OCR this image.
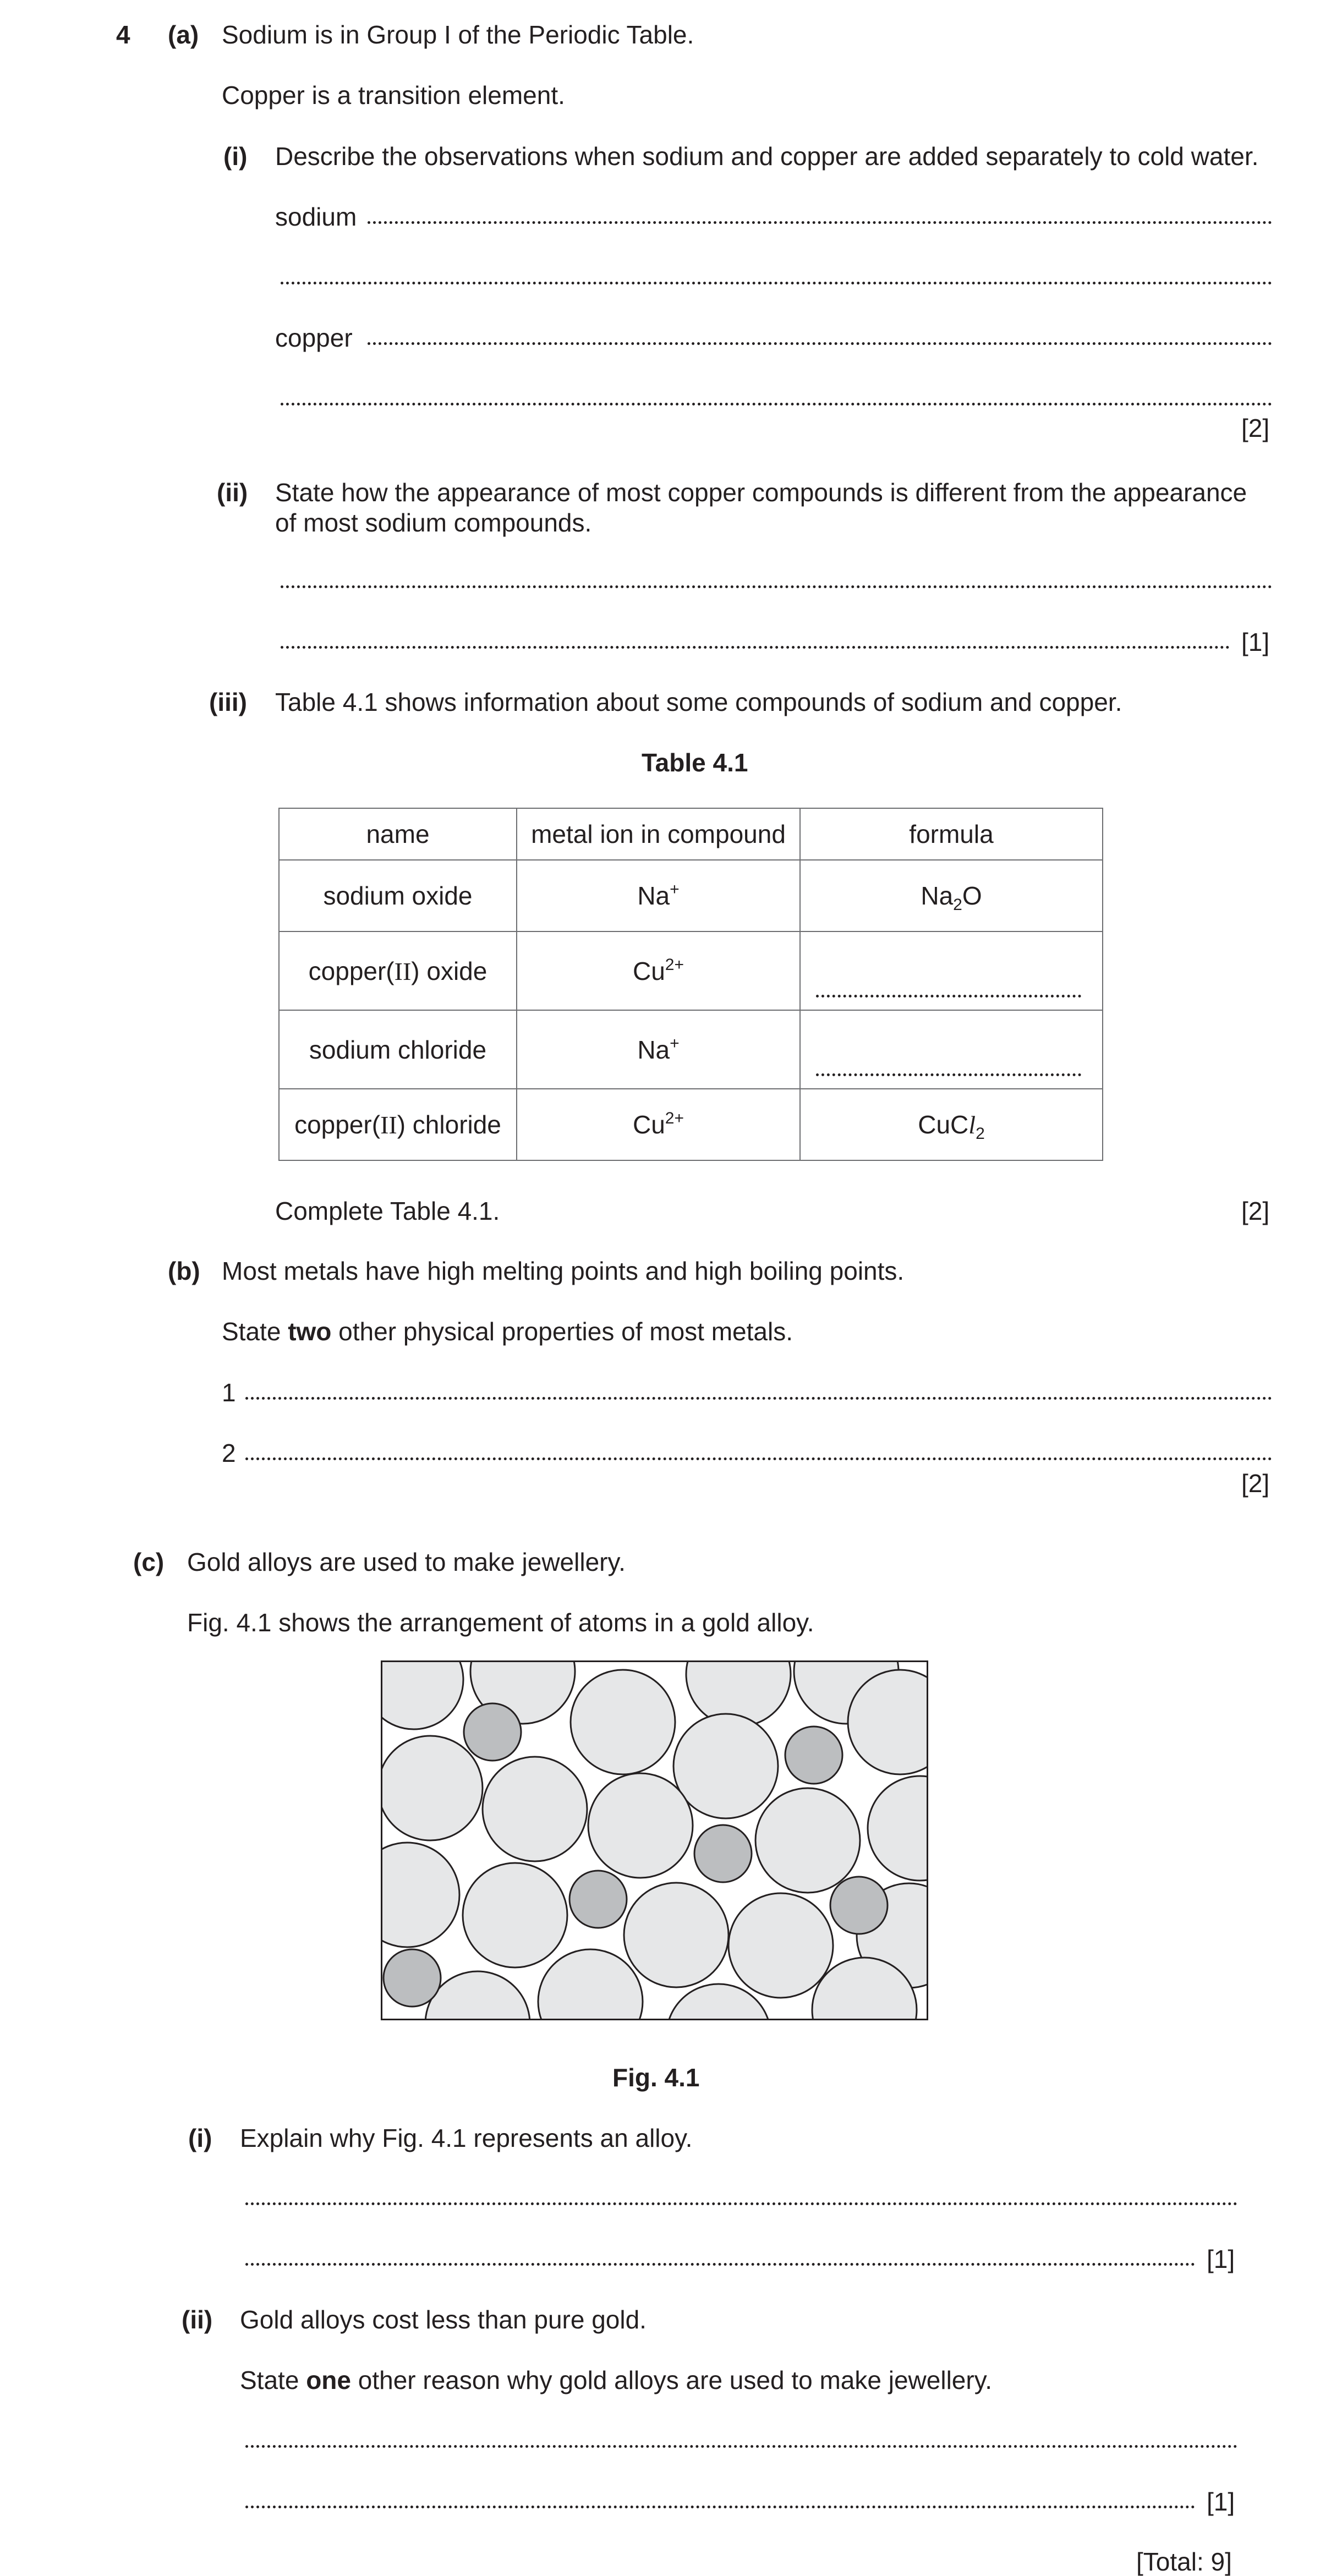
4 (a) Sodium is in Group I of the Periodic Table.
Copper is a transition element.
(i) Describe the observations when sodium and copper are added separately to cold water.
sodium
copper
[2]
(ii) State how the appearance of most copper compounds is different from the appearance
of most sodium compounds.
[1]
(iii) Table 4.1 shows information about some compounds of sodium and copper.
Table 4.1
name	metal ion in compound	formula
sodium oxide	Na+	$Na_2O$
copper(II) oxide	$Cu^{2+}$	

sodium chloride	Na+	

copper(II) chloride	$Cu^{2+}$	CuCl$_2$
Complete Table 4.1.	[2]
(b) Most metals have high melting points and high boiling points.
State two other physical properties of most metals.
1
2
[2]
(c) Gold alloys are used to make jewellery.
Fig. 4.1 shows the arrangement of atoms in a gold alloy.
Fig. 4.1
(i) Explain why Fig. 4.1 represents an alloy.
[1]
(ii) Gold alloys cost less than pure gold.
State one other reason why gold alloys are used to make jewellery.
[1]
[Total: 9]
